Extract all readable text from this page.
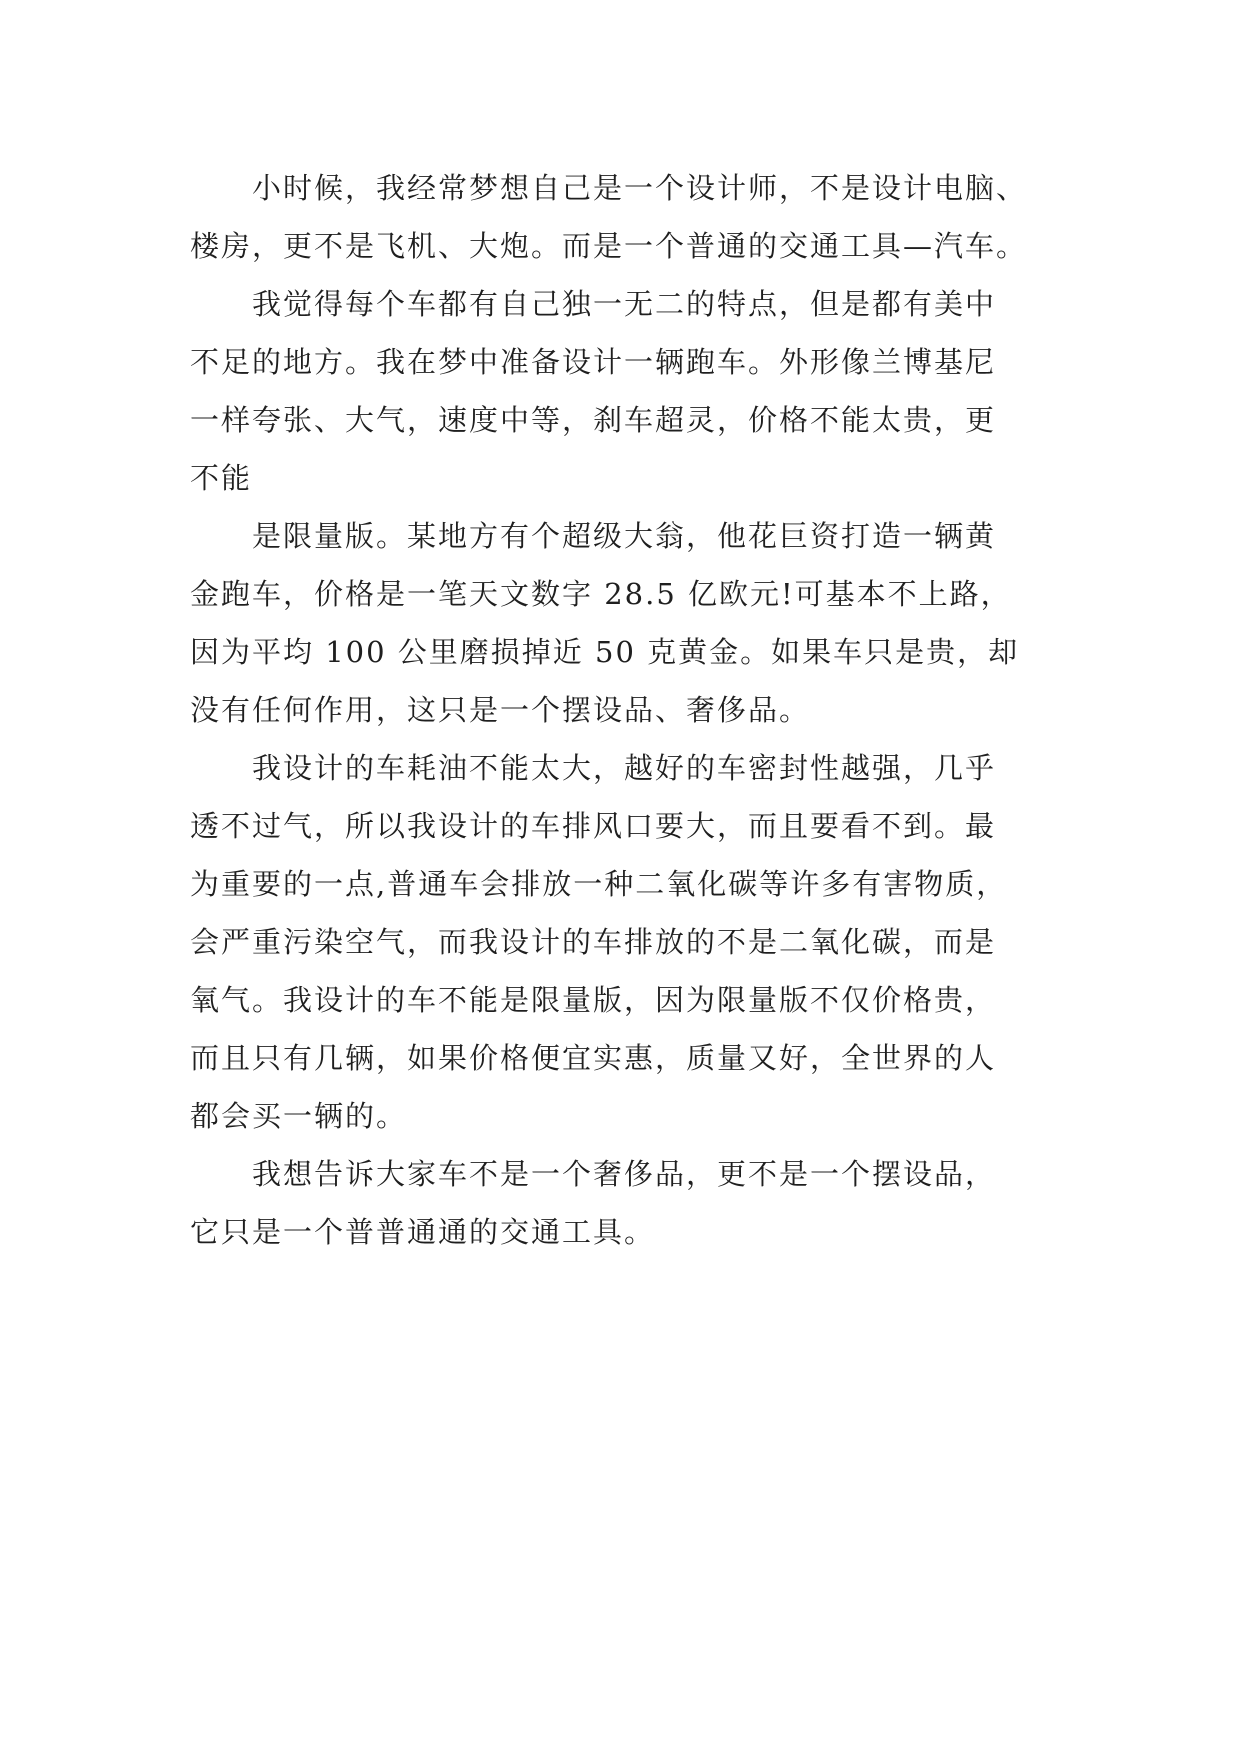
小时候，我经常梦想自己是一个设计师，不是设计电脑、
楼房，更不是飞机、大炮。而是一个普通的交通工具—汽车。

我觉得每个车都有自己独一无二的特点，但是都有美中
不足的地方。我在梦中准备设计一辆跑车。外形像兰博基尼
一样夸张、大气，速度中等，刹车超灵，价格不能太贵，更
不能

是限量版。某地方有个超级大翁，他花巨资打造一辆黄
金跑车，价格是一笔天文数字 28.5 亿欧元!可基本不上路，
因为平均 100 公里磨损掉近 50 克黄金。如果车只是贵，却
没有任何作用，这只是一个摆设品、奢侈品。

我设计的车耗油不能太大，越好的车密封性越强，几乎
透不过气，所以我设计的车排风口要大，而且要看不到。最
为重要的一点,普通车会排放一种二氧化碳等许多有害物质，
会严重污染空气，而我设计的车排放的不是二氧化碳，而是
氧气。我设计的车不能是限量版，因为限量版不仅价格贵，
而且只有几辆，如果价格便宜实惠，质量又好，全世界的人
都会买一辆的。

我想告诉大家车不是一个奢侈品，更不是一个摆设品，
它只是一个普普通通的交通工具。
